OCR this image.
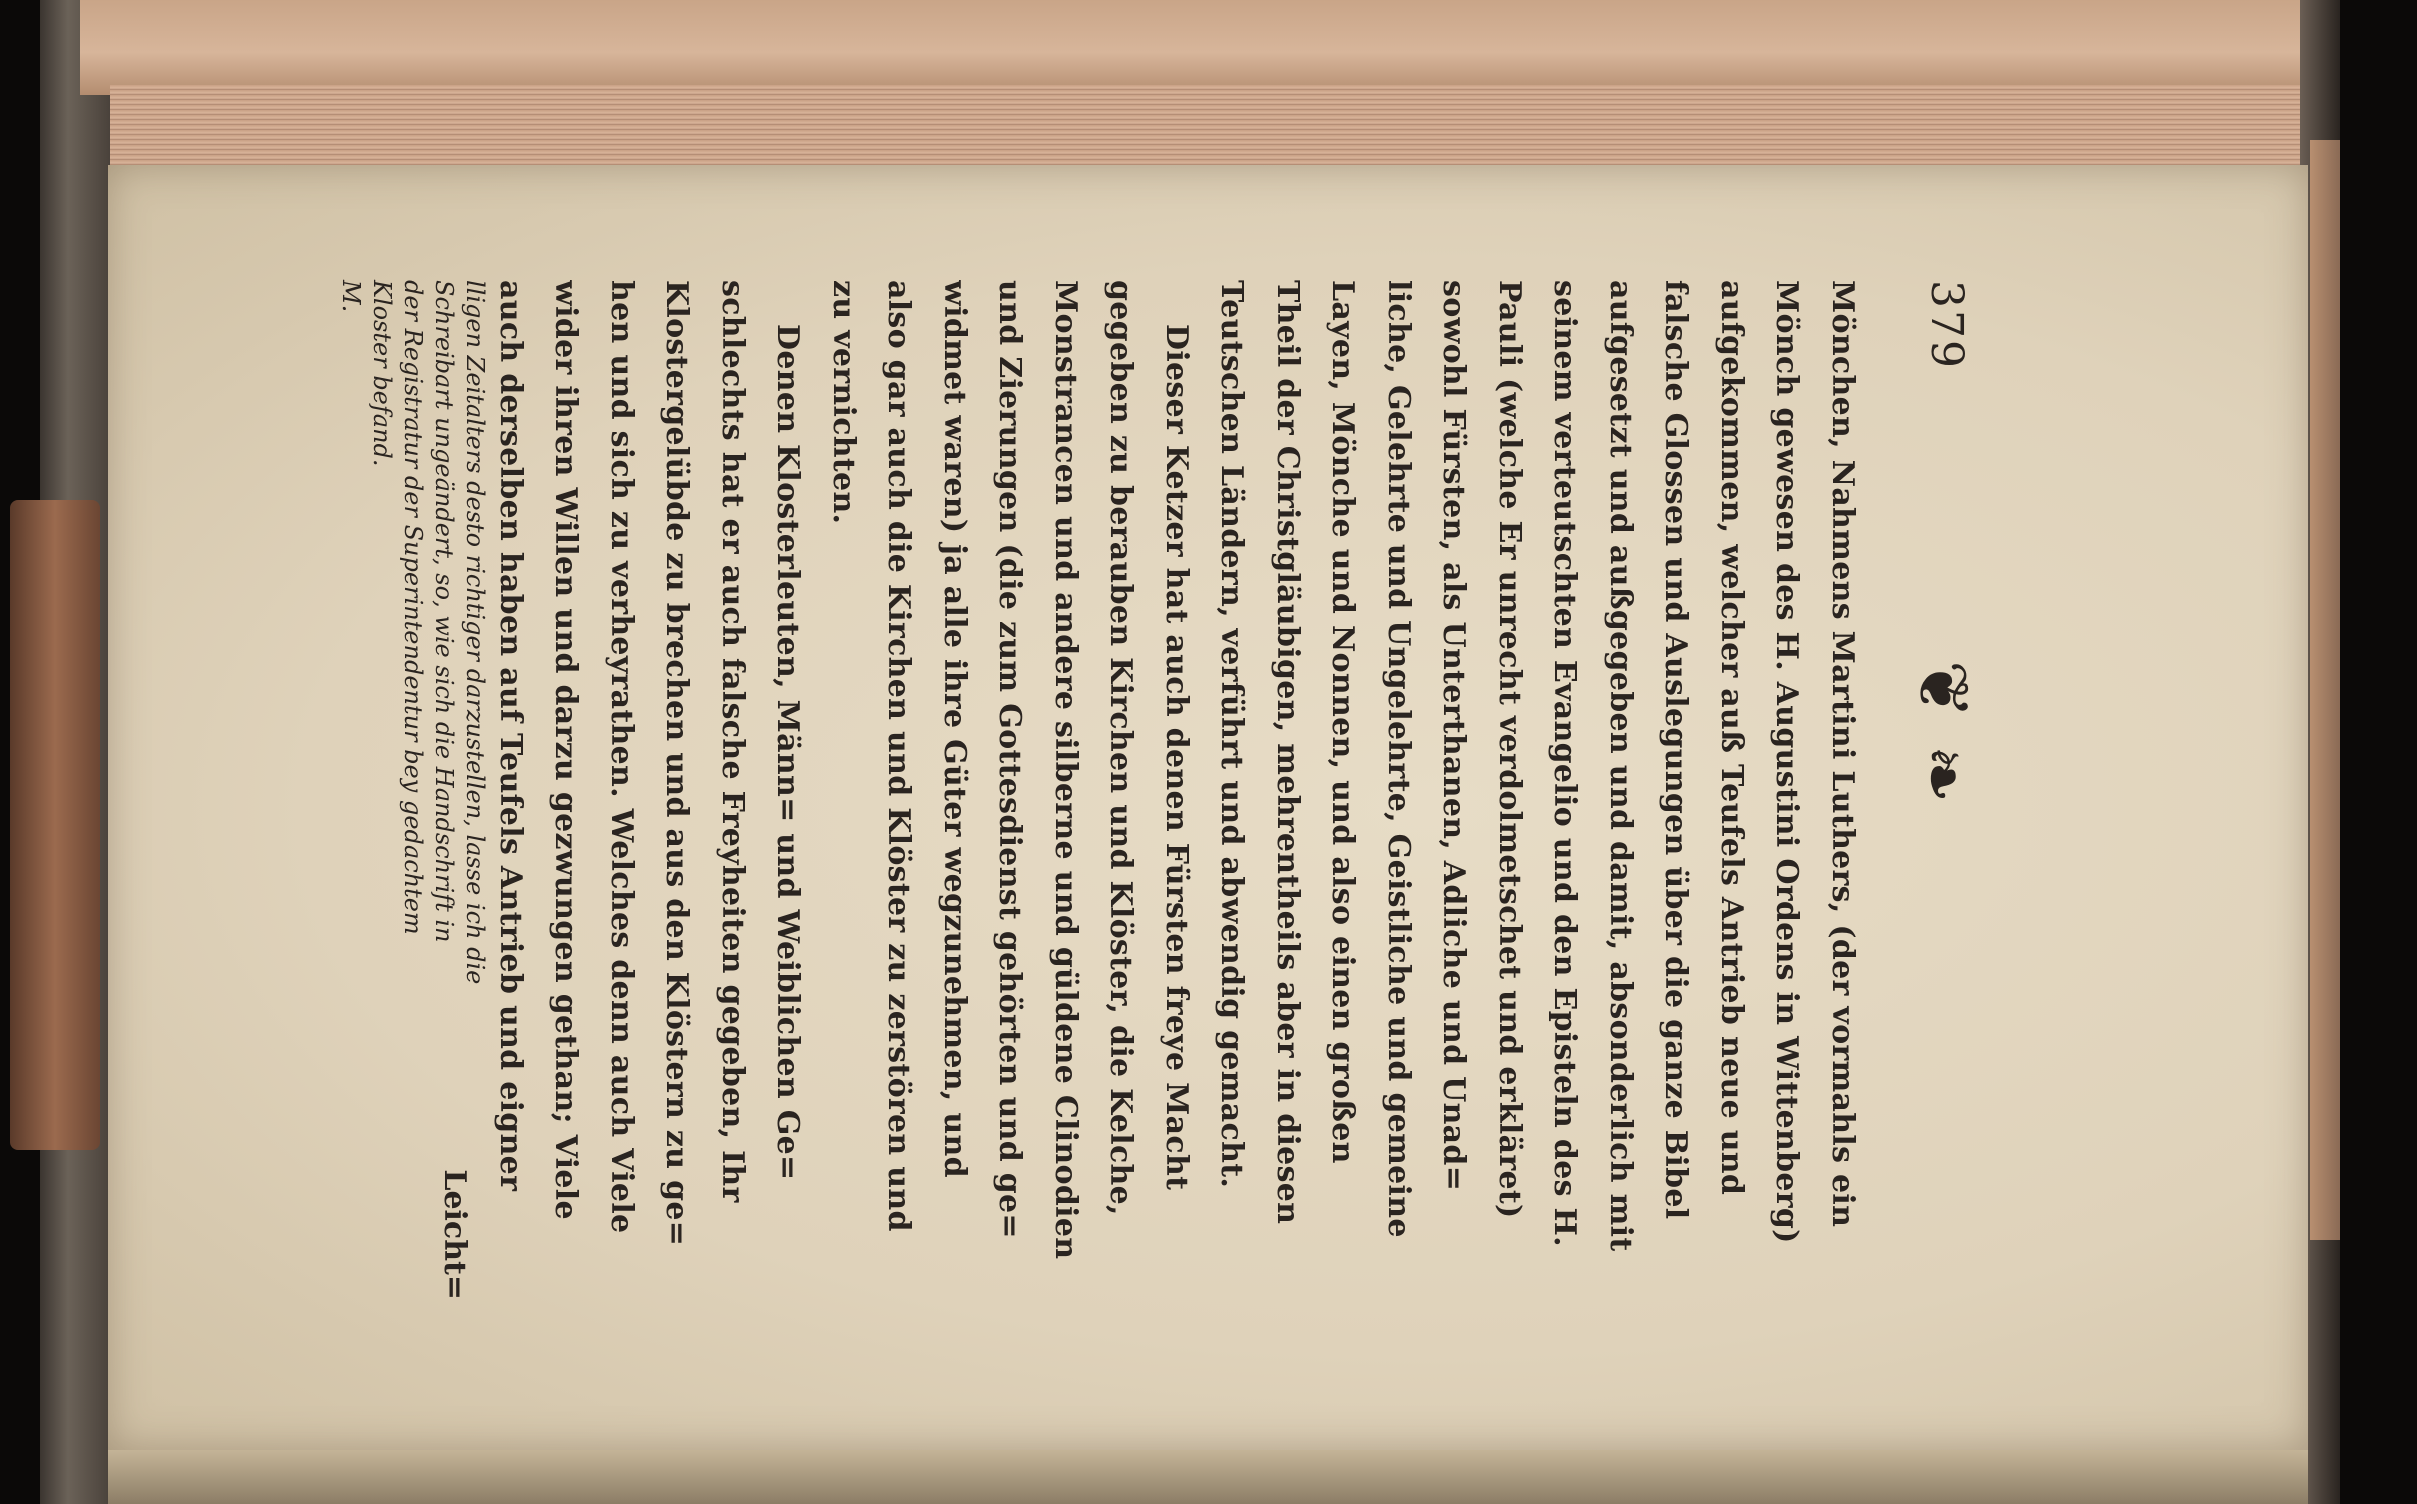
379
❦ ❧
Mönchen, Nahmens Martini Luthers, (der vormahls ein
Mönch gewesen des H. Augustini Ordens in Wittenberg)
aufgekommen, welcher auß Teufels Antrieb neue und
falsche Glossen und Auslegungen über die ganze Bibel
aufgesetzt und außgegeben und damit, absonderlich mit
seinem verteutschten Evangelio und den Episteln des H.
Pauli (welche Er unrecht verdolmetschet und erkläret)
sowohl Fürsten, als Unterthanen, Adliche und Unad=
liche, Gelehrte und Ungelehrte, Geistliche und gemeine
Layen, Mönche und Nonnen, und also einen großen
Theil der Christgläubigen, mehrentheils aber in diesen
Teutschen Ländern, verführt und abwendig gemacht.
Dieser Ketzer hat auch denen Fürsten freye Macht
gegeben zu berauben Kirchen und Klöster, die Kelche,
Monstrancen und andere silberne und güldene Clinodien
und Zierungen (die zum Gottesdienst gehörten und ge=
widmet waren) ja alle ihre Güter wegzunehmen, und
also gar auch die Kirchen und Klöster zu zerstören und
zu vernichten.
Denen Klosterleuten, Männ= und Weiblichen Ge=
schlechts hat er auch falsche Freyheiten gegeben, Ihr
Klostergelübde zu brechen und aus den Klöstern zu ge=
hen und sich zu verheyrathen. Welches denn auch Viele
wider ihren Willen und darzu gezwungen gethan; Viele
auch derselben haben auf Teufels Antrieb und eigner
Leicht=
lligen Zeitalters desto richtiger darzustellen, lasse ich die
Schreibart ungeändert, so, wie sich die Handschrift in
der Registratur der Superintendentur bey gedachtem
Kloster befand.
M.
